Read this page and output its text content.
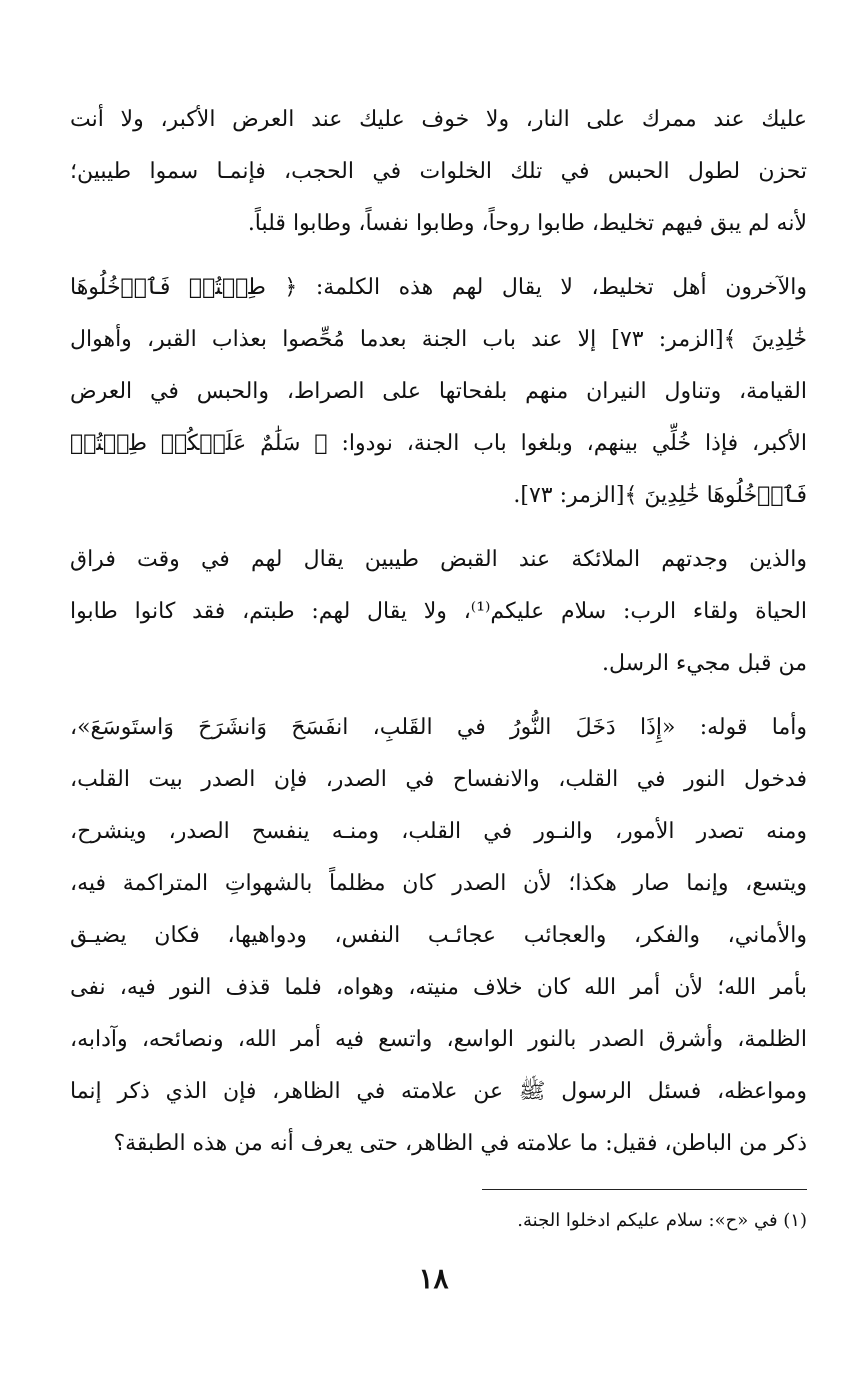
عليك عند ممرك على النار، ولا خوف عليك عند العرض الأكبر، ولا أنت
تحزن لطول الحبس في تلك الخلوات في الحجب، فإنمـا سموا طيبين؛
لأنه لم يبق فيهم تخليط، طابوا روحاً، وطابوا نفساً، وطابوا قلباً.
والآخرون أهل تخليط، لا يقال لهم هذه الكلمة: ﴿ طِبۡتُمۡ فَٱدۡخُلُوهَا
خَٰلِدِينَ ﴾[الزمر: ٧٣] إلا عند باب الجنة بعدما مُحِّصوا بعذاب القبر، وأهوال
القيامة، وتناول النيران منهم بلفحاتها على الصراط، والحبس في العرض
الأكبر، فإذا خُلِّي بينهم، وبلغوا باب الجنة، نودوا: ﴿ سَلَٰمٌ عَلَيۡكُمۡ طِبۡتُمۡ
فَٱدۡخُلُوهَا خَٰلِدِينَ ﴾[الزمر: ٧٣].
والذين وجدتهم الملائكة عند القبض طيبين يقال لهم في وقت فراق
الحياة ولقاء الرب: سلام عليكم⁽¹⁾، ولا يقال لهم: طبتم، فقد كانوا طابوا
من قبل مجيء الرسل.
وأما قوله: «إِذَا دَخَلَ النُّورُ في القَلبِ، انفَسَحَ وَانشَرَحَ وَاستَوسَعَ»،
فدخول النور في القلب، والانفساح في الصدر، فإن الصدر بيت القلب،
ومنه تصدر الأمور، والنـور في القلب، ومنـه ينفسح الصدر، وينشرح،
ويتسع، وإنما صار هكذا؛ لأن الصدر كان مظلماً بالشهواتِ المتراكمة فيه،
والأماني، والفكر، والعجائب عجائـب النفس، ودواهيها، فكان يضيـق
بأمر الله؛ لأن أمر الله كان خلاف منيته، وهواه، فلما قذف النور فيه، نفى
الظلمة، وأشرق الصدر بالنور الواسع، واتسع فيه أمر الله، ونصائحه، وآدابه،
ومواعظه، فسئل الرسول ﷺ عن علامته في الظاهر، فإن الذي ذكر إنما
ذكر من الباطن، فقيل: ما علامته في الظاهر، حتى يعرف أنه من هذه الطبقة؟
(١) في «ح»: سلام عليكم ادخلوا الجنة.
١٨
